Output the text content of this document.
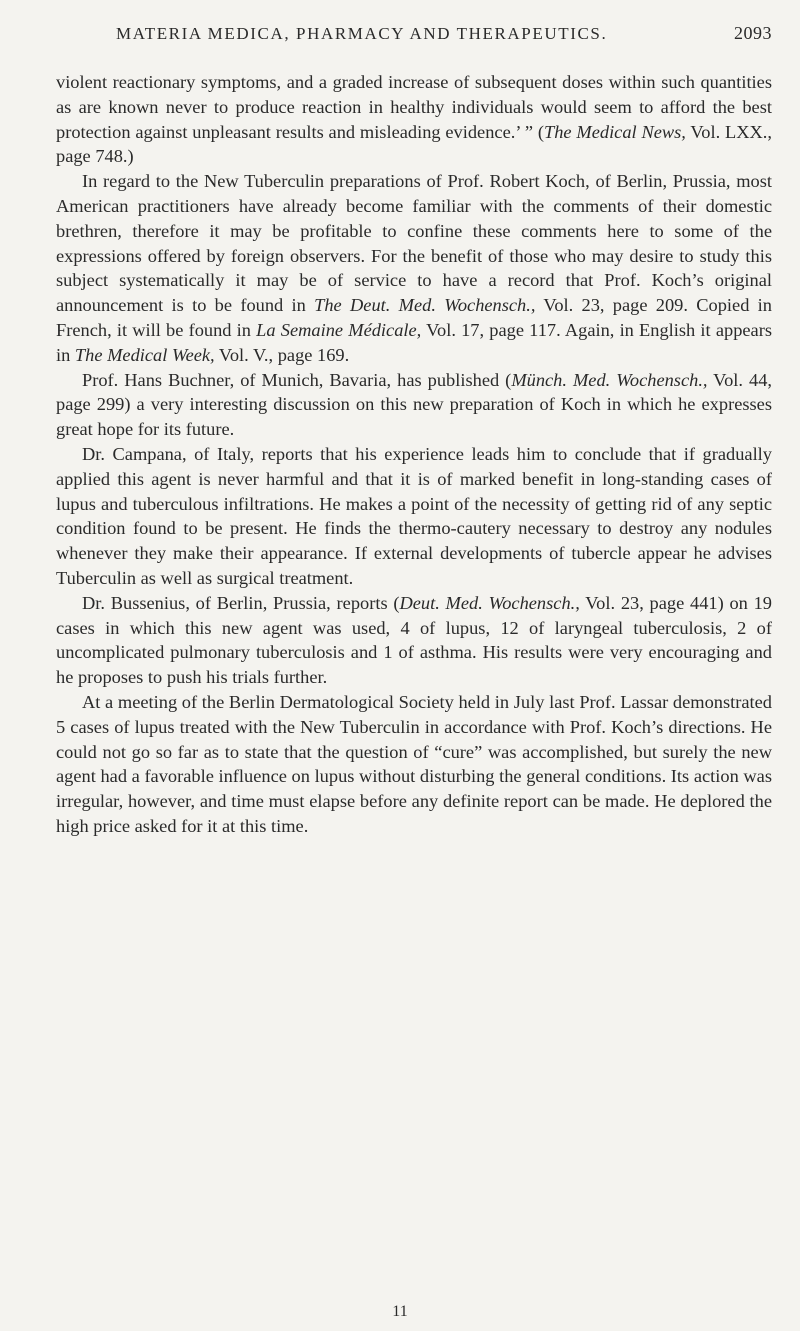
MATERIA MEDICA, PHARMACY AND THERAPEUTICS.	2093

violent reactionary symptoms, and a graded increase of subsequent doses within such quantities as are known never to produce reaction in healthy individuals would seem to afford the best protection against unpleasant results and misleading evidence.’ ” (The Medical News, Vol. LXX., page 748.)

In regard to the New Tuberculin preparations of Prof. Robert Koch, of Berlin, Prussia, most American practitioners have already become familiar with the comments of their domestic brethren, therefore it may be profitable to confine these comments here to some of the expressions offered by foreign observers. For the benefit of those who may desire to study this subject systematically it may be of service to have a record that Prof. Koch’s original announcement is to be found in The Deut. Med. Wochensch., Vol. 23, page 209. Copied in French, it will be found in La Semaine Médicale, Vol. 17, page 117. Again, in English it appears in The Medical Week, Vol. V., page 169.

Prof. Hans Buchner, of Munich, Bavaria, has published (Münch. Med. Wochensch., Vol. 44, page 299) a very interesting discussion on this new preparation of Koch in which he expresses great hope for its future.

Dr. Campana, of Italy, reports that his experience leads him to conclude that if gradually applied this agent is never harmful and that it is of marked benefit in long-standing cases of lupus and tuberculous infiltrations. He makes a point of the necessity of getting rid of any septic condition found to be present. He finds the thermo-cautery necessary to destroy any nodules whenever they make their appearance. If external developments of tubercle appear he advises Tuberculin as well as surgical treatment.

Dr. Bussenius, of Berlin, Prussia, reports (Deut. Med. Wochensch., Vol. 23, page 441) on 19 cases in which this new agent was used, 4 of lupus, 12 of laryngeal tuberculosis, 2 of uncomplicated pulmonary tuberculosis and 1 of asthma. His results were very encouraging and he proposes to push his trials further.

At a meeting of the Berlin Dermatological Society held in July last Prof. Lassar demonstrated 5 cases of lupus treated with the New Tuberculin in accordance with Prof. Koch’s directions. He could not go so far as to state that the question of “cure” was accomplished, but surely the new agent had a favorable influence on lupus without disturbing the general conditions. Its action was irregular, however, and time must elapse before any definite report can be made. He deplored the high price asked for it at this time.

11
